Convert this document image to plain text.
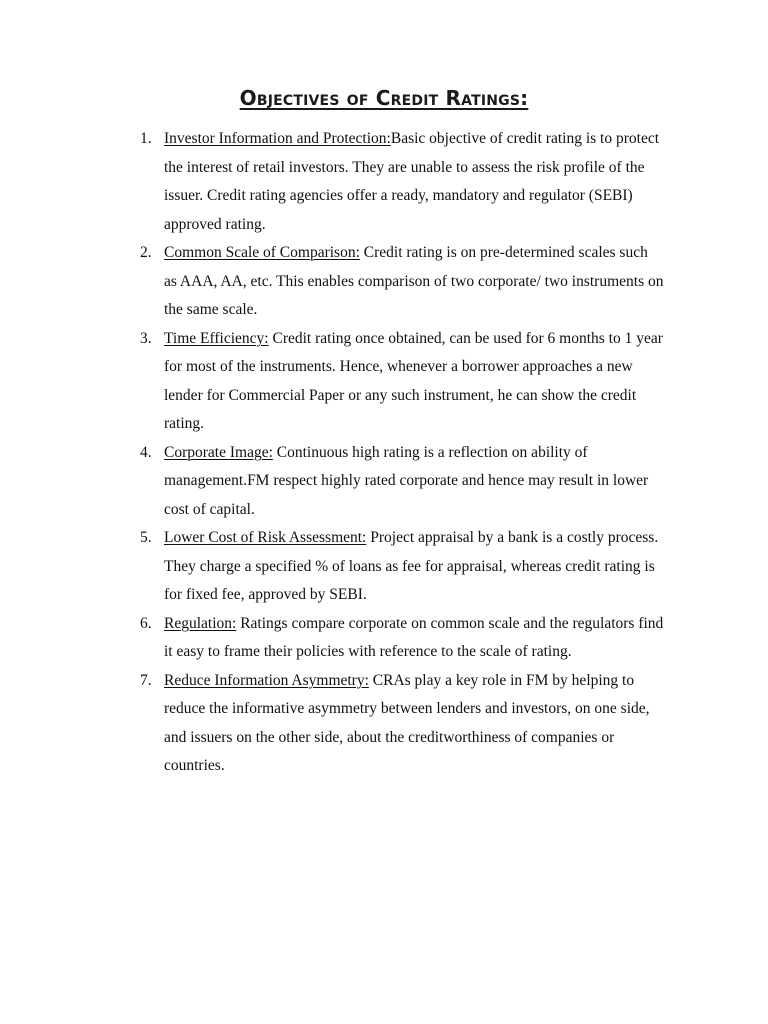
Objectives of Credit Ratings:
1. Investor Information and Protection:Basic objective of credit rating is to protect the interest of retail investors. They are unable to assess the risk profile of the issuer. Credit rating agencies offer a ready, mandatory and regulator (SEBI) approved rating.
2. Common Scale of Comparison: Credit rating is on pre-determined scales such as AAA, AA, etc. This enables comparison of two corporate/ two instruments on the same scale.
3. Time Efficiency: Credit rating once obtained, can be used for 6 months to 1 year for most of the instruments. Hence, whenever a borrower approaches a new lender for Commercial Paper or any such instrument, he can show the credit rating.
4. Corporate Image: Continuous high rating is a reflection on ability of management.FM respect highly rated corporate and hence may result in lower cost of capital.
5. Lower Cost of Risk Assessment: Project appraisal by a bank is a costly process. They charge a specified % of loans as fee for appraisal, whereas credit rating is for fixed fee, approved by SEBI.
6. Regulation: Ratings compare corporate on common scale and the regulators find it easy to frame their policies with reference to the scale of rating.
7. Reduce Information Asymmetry: CRAs play a key role in FM by helping to reduce the informative asymmetry between lenders and investors, on one side, and issuers on the other side, about the creditworthiness of companies or countries.
